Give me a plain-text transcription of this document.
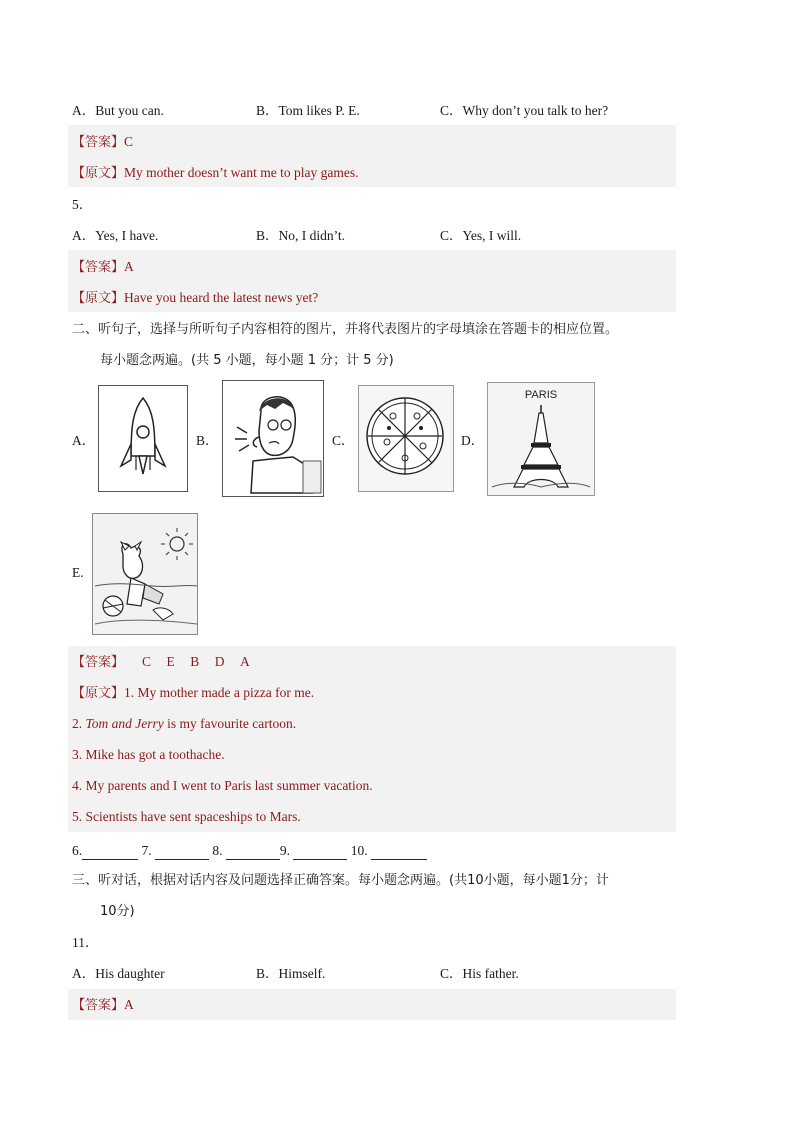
A．But you can.	B．Tom likes P. E.	C．Why don’t you talk to her?
【答案】C
【原文】My mother doesn’t want me to play games.
5．
A．Yes, I have.	B．No, I didn’t.	C．Yes, I will.
【答案】A
【原文】Have you heard the latest news yet?
二、听句子，选择与所听句子内容相符的图片，并将代表图片的字母填涂在答题卡的相应位置。
每小题念两遍。(共 5 小题，每小题 1 分；计 5 分)
A．	B．	C．	D．
PARIS
E.
【答案】 C　E　B　D　A
【原文】1. My mother made a pizza for me.
2. Tom and Jerry is my favourite cartoon.
3. Mike has got a toothache.
4. My parents and I went to Paris last summer vacation.
5. Scientists have sent spaceships to Mars.
6.	7.	8.	9.	10.
三、听对话，根据对话内容及问题选择正确答案。每小题念两遍。(共10小题，每小题1分；计
10分)
11．
A．His daughter	B．Himself.	C．His father.
【答案】A
